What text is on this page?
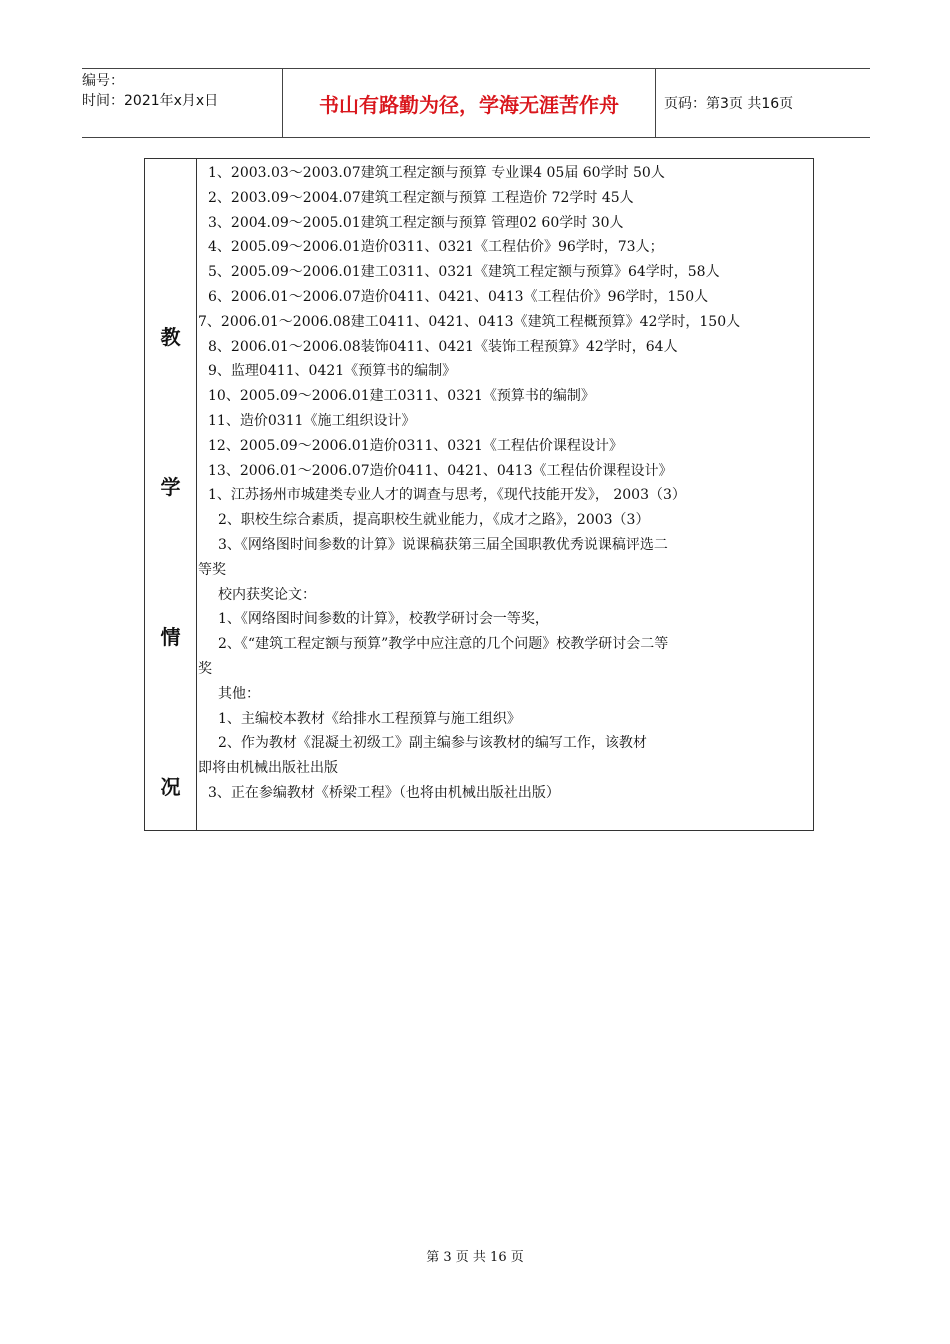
编号：
时间：2021年x月x日	书山有路勤为径，学海无涯苦作舟	页码：第3页 共16页
教
学
情
况
1、2003.03～2003.07建筑工程定额与预算 专业课4 05届 60学时 50人
2、2003.09～2004.07建筑工程定额与预算 工程造价 72学时 45人
3、2004.09～2005.01建筑工程定额与预算 管理02 60学时 30人
4、2005.09～2006.01造价0311、0321《工程估价》96学时，73人；
5、2005.09～2006.01建工0311、0321《建筑工程定额与预算》64学时，58人
6、2006.01～2006.07造价0411、0421、0413《工程估价》96学时，150人
7、2006.01～2006.08建工0411、0421、0413《建筑工程概预算》42学时，150人
8、2006.01～2006.08装饰0411、0421《装饰工程预算》42学时，64人
9、监理0411、0421《预算书的编制》
10、2005.09～2006.01建工0311、0321《预算书的编制》
11、造价0311《施工组织设计》
12、2005.09～2006.01造价0311、0321《工程估价课程设计》
13、2006.01～2006.07造价0411、0421、0413《工程估价课程设计》
1、江苏扬州市城建类专业人才的调查与思考，《现代技能开发》， 2003（3）
2、职校生综合素质，提高职校生就业能力，《成才之路》，2003（3）
3、《网络图时间参数的计算》说课稿获第三届全国职教优秀说课稿评选二
等奖
校内获奖论文：
1、《网络图时间参数的计算》，校教学研讨会一等奖，
2、《“建筑工程定额与预算”教学中应注意的几个问题》校教学研讨会二等
奖
其他：
1、主编校本教材《给排水工程预算与施工组织》
2、作为教材《混凝土初级工》副主编参与该教材的编写工作，该教材
即将由机械出版社出版
3、正在参编教材《桥梁工程》（也将由机械出版社出版）
第 3 页 共 16 页
